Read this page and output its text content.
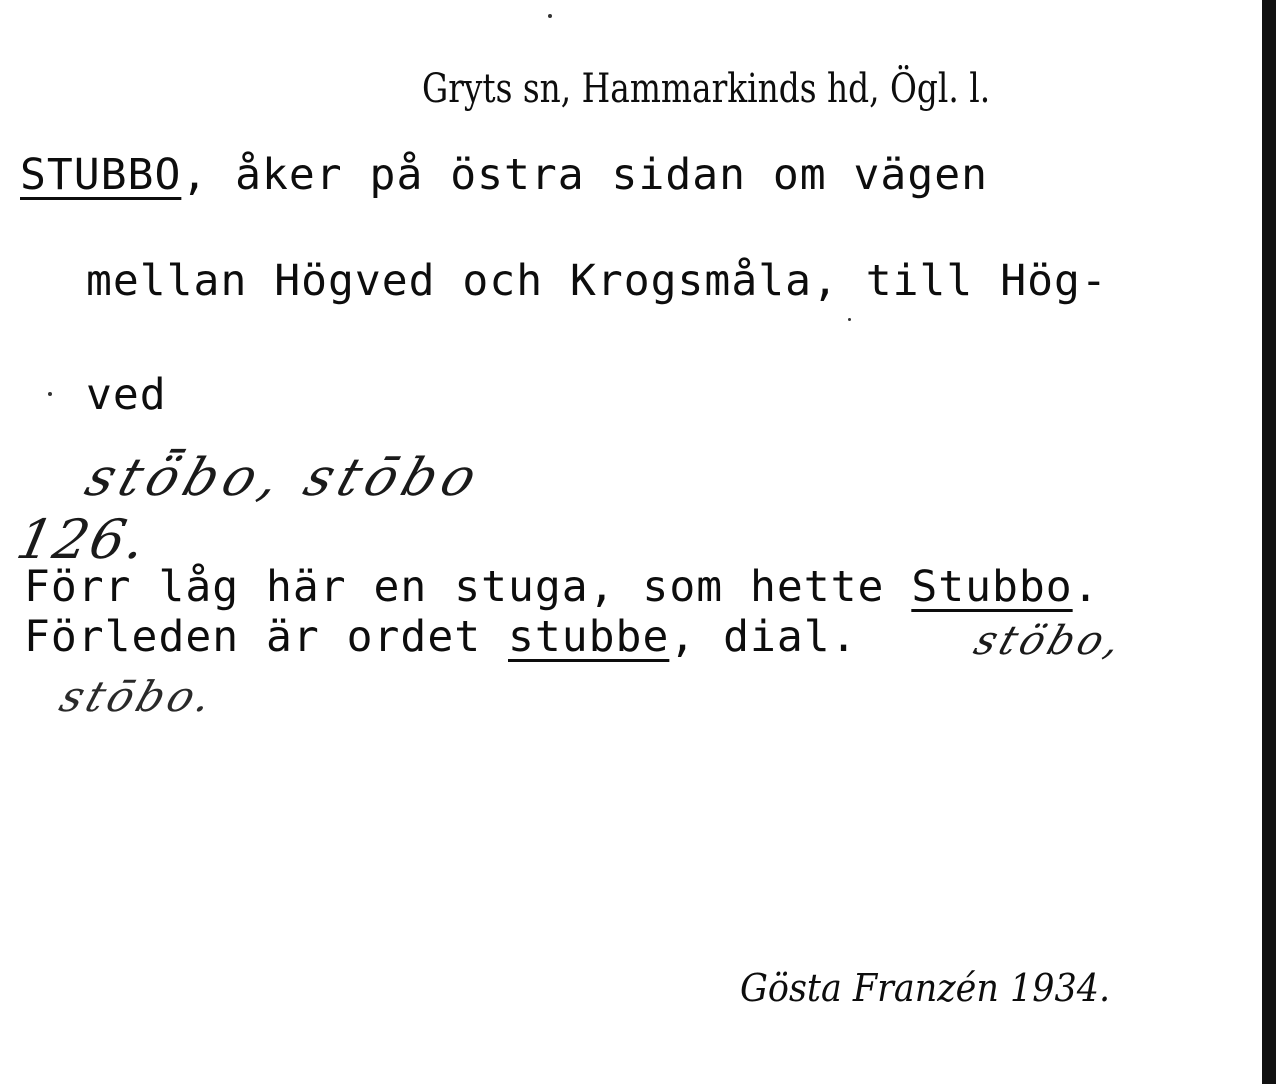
Gryts sn, Hammarkinds hd, Ögl. l.
STUBBO, åker på östra sidan om vägen
mellan Högved och Krogsmåla, till Hög-
ved
stȫbo, stōbo
126.
Förr låg här en stuga, som hette Stubbo.
Förleden är ordet stubbe, dial.	stöbo,
stōbo.
Gösta Franzén 1934.
